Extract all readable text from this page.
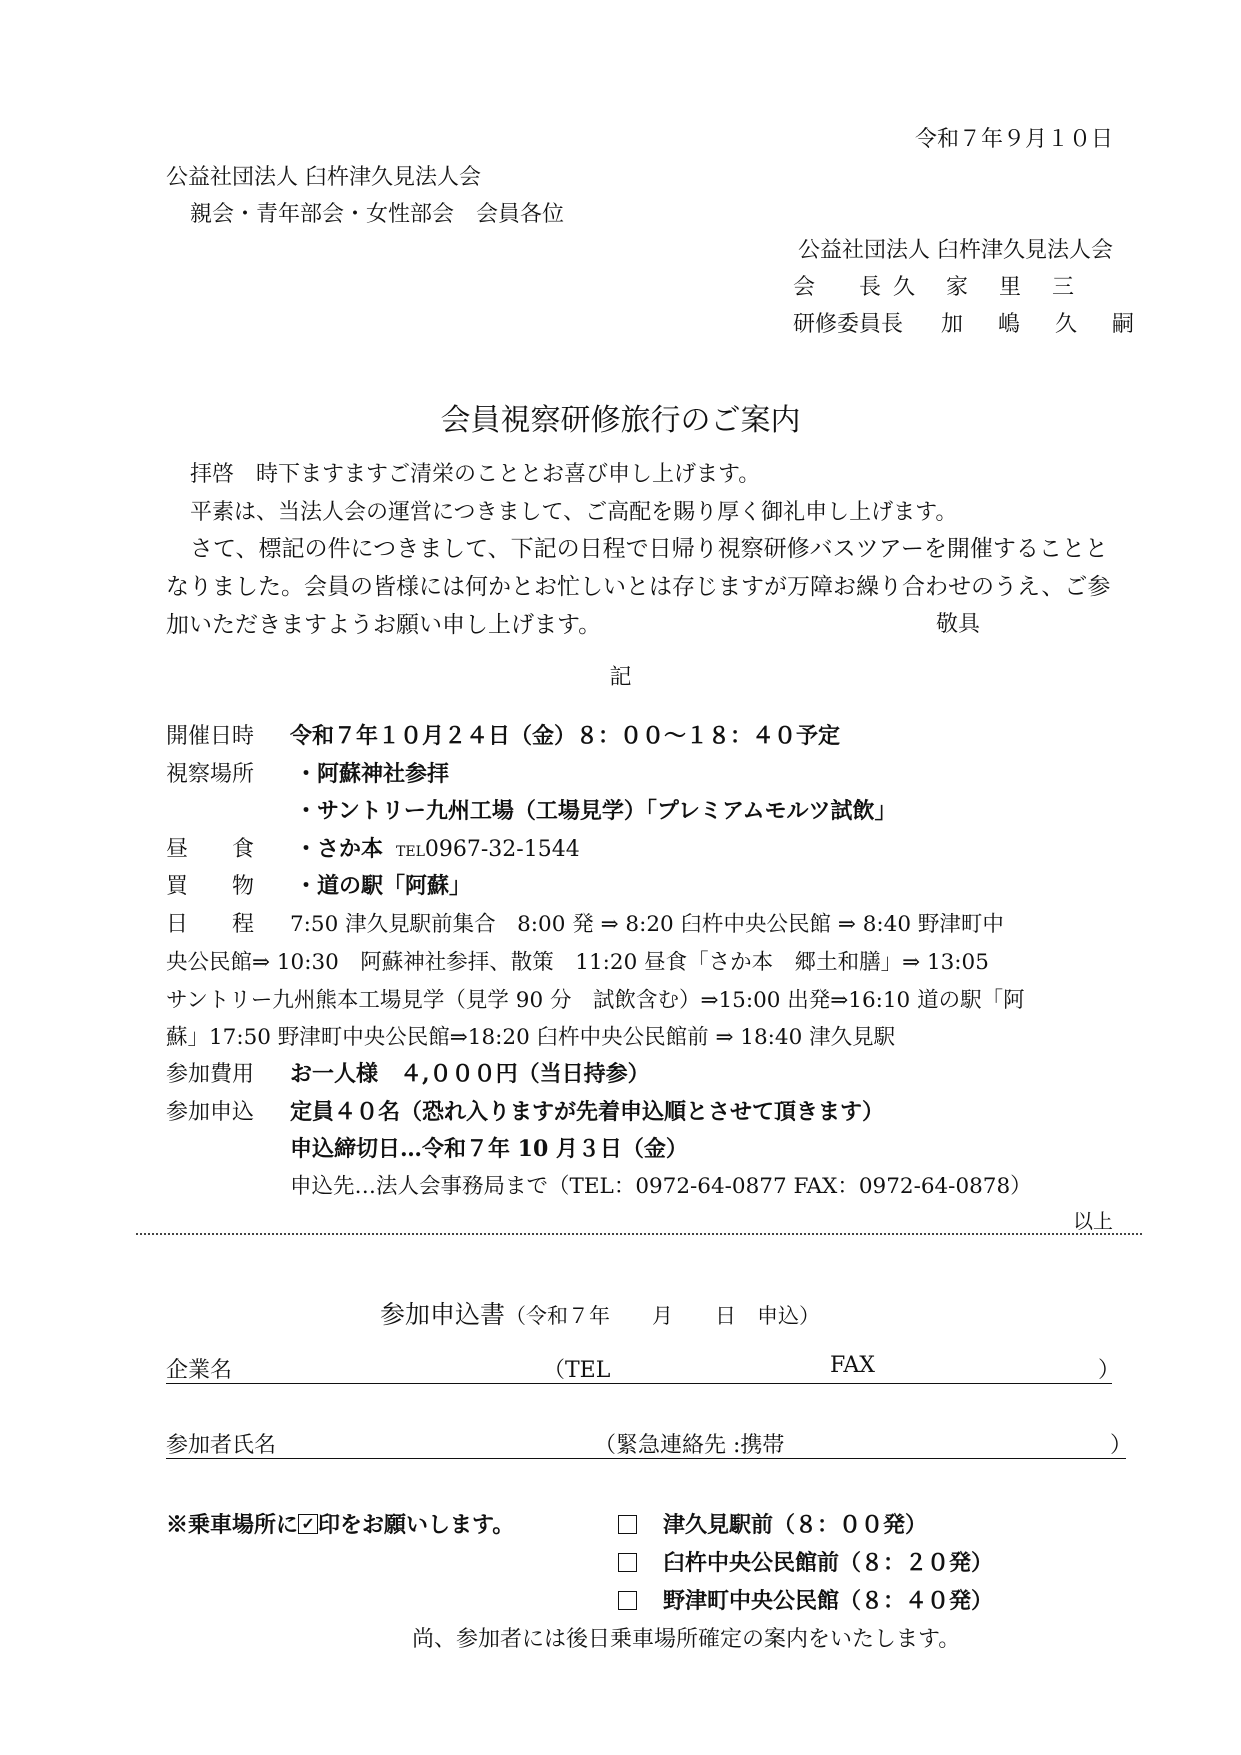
令和７年９月１０日
公益社団法人 臼杵津久見法人会
親会・青年部会・女性部会　会員各位
公益社団法人 臼杵津久見法人会
会　　長 久 家 里 三
研修委員長 加 嶋 久 嗣
会員視察研修旅行のご案内
拝啓　時下ますますご清栄のこととお喜び申し上げます。
平素は、当法人会の運営につきまして、ご高配を賜り厚く御礼申し上げます。
さて、標記の件につきまして、下記の日程で日帰り視察研修バスツアーを開催することとなりました。会員の皆様には何かとお忙しいとは存じますが万障お繰り合わせのうえ、ご参加いただきますようお願い申し上げます。	敬具
記
開催日時 令和７年１０月２４日（金）８：００～１８：４０予定
視察場所 ・阿蘇神社参拝
・サントリー九州工場（工場見学）「プレミアムモルツ試飲」
昼　　食 ・さか本 TEL0967-32-1544
買　　物 ・道の駅「阿蘇」
日　　程 7:50 津久見駅前集合　8:00 発 ⇒ 8:20 臼杵中央公民館 ⇒ 8:40 野津町中
央公民館⇒ 10:30　阿蘇神社参拝、散策　11:20 昼食「さか本　郷土和膳」⇒ 13:05
サントリー九州熊本工場見学（見学 90 分　試飲含む）⇒15:00 出発⇒16:10 道の駅「阿
蘇」17:50 野津町中央公民館⇒18:20 臼杵中央公民館前 ⇒ 18:40 津久見駅
参加費用 お一人様　４,０００円（当日持参）
参加申込 定員４０名（恐れ入りますが先着申込順とさせて頂きます）
申込締切日…令和７年 10 月３日（金）
申込先…法人会事務局まで（TEL：0972-64-0877 FAX：0972-64-0878）
以上
参加申込書（令和７年　　月　　日　申込）
企業名	（TEL	FAX	）
参加者氏名	（緊急連絡先 :携帯	）
※乗車場所に ✓ 印をお願いします。	津久見駅前（８：００発）
臼杵中央公民館前（８：２０発）
野津町中央公民館（８：４０発）
尚、参加者には後日乗車場所確定の案内をいたします。
